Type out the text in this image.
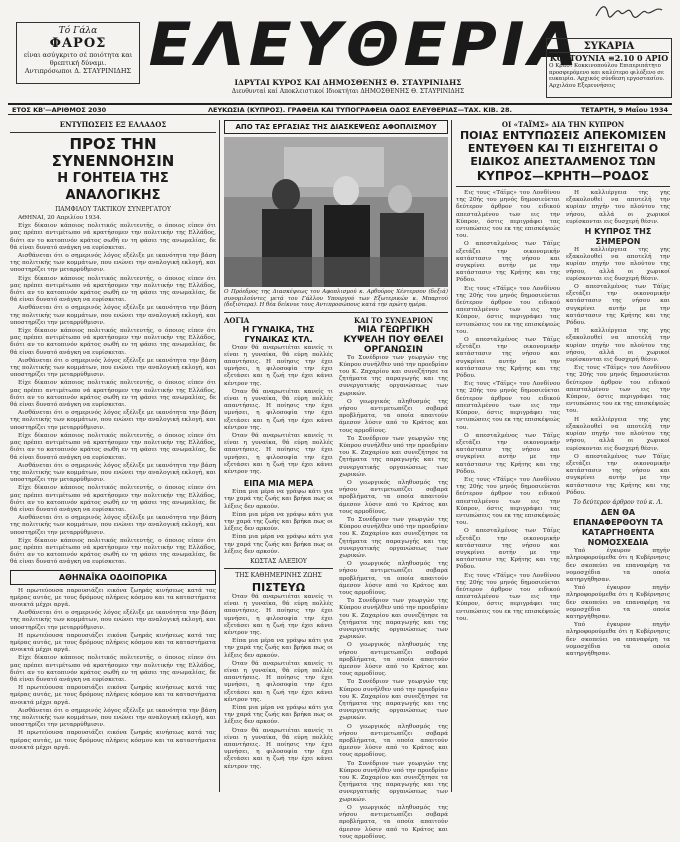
Τό Γάλα
ΦΑΡΟΣ
είναι ασύγκριτο σέ ποιότητα και θρεπτική δύναμι.
Αντιπρόσωποι Δ. ΣΤΑΥΡΙΝΙΔΗΣ ΕΛΕΥΘΕΡΙΑ
ΙΔΡΥΤΑΙ ΚΥΡΟΣ ΚΑΙ ΔΗΜΟΣΘΕΝΗΣ Θ. ΣΤΑΥΡΙΝΙΔΗΣ
Διευθυνταί καί Αποκλειστικοί Ιδιοκτήται ΔΗΜΟΣΘΕΝΗΣ Θ. ΣΤΑΥΡΙΝΙΔΗΣ
ΣΥΚΑΡΙΑ
ΚΟΣΤΟΥΝΙΑ ≡2.10 0 ΑΡΙΟ
Ο Κρασί Κοκκινοπούλου Επιπεριπάτητο προσφερόμενο και καλύτερο φιλόξενο σε ευκαιρία. Αρχικός σύνδεση εργοστασίου. Αρχιλάου Εξερευνήσεις
ΕΤΟΣ ΚΒ'—ΑΡΙΘΜΟΣ 2030	ΛΕΥΚΩΣΙΑ (ΚΥΠΡΟΣ). ΓΡΑΦΕΙΑ ΚΑΙ ΤΥΠΟΓΡΑΦΕΙΑ ΟΔΟΣ ΕΛΕΥΘΕΡΙΑΣ—ΤΑΧ. ΚΙΒ. 28.	ΤΕΤΑΡΤΗ, 9 Μαΐου 1934
ΕΝΤΥΠΩΣΕΙΣ ΕΞ ΕΛΛΑΔΟΣ
ΠΡΟΣ ΤΗΝ ΣΥΝΕΝΝΟΗΣΙΝ
Η ΓΟΗΤΕΙΑ ΤΗΣ ΑΝΑΛΟΓΙΚΗΣ
ΠΑΜΦΙΛΟΥ ΤΑΚΤΙΚΟΥ ΣΥΝΕΡΓΑΤΟΥ

ΑΘΗΝΑΙ, 20 Απριλίου 1934.

Είχε δίκαιον κάποιος πολιτικός πολιτευτής, ο όποιος είπεν ότι μας πρέπει αντιμέτωπο νά κρατήσομεν την πολιτικήν της Ελλάδος, διότι αν το κατοπινόν κράτος σωθή εν τη φάσει της ανωμαλίας, δε θά είναι δυνατό ανάγκη να ευρίσκεται.

Αισθάνεται ότι ο σημερινός λόγος εξέλιξε με ικανότητα την βάση της πολιτικής των κομμάτων, που ενώνει την αναλογική εκλογή, και υποστηρίζει την μεταρρύθμισιν.

Είχε δίκαιον κάποιος πολιτικός πολιτευτής, ο όποιος είπεν ότι μας πρέπει αντιμέτωπο νά κρατήσομεν την πολιτικήν της Ελλάδος, διότι αν το κατοπινόν κράτος σωθή εν τη φάσει της ανωμαλίας, δε θά είναι δυνατό ανάγκη να ευρίσκεται.

Αισθάνεται ότι ο σημερινός λόγος εξέλιξε με ικανότητα την βάση της πολιτικής των κομμάτων, που ενώνει την αναλογική εκλογή, και υποστηρίζει την μεταρρύθμισιν.

Είχε δίκαιον κάποιος πολιτικός πολιτευτής, ο όποιος είπεν ότι μας πρέπει αντιμέτωπο νά κρατήσομεν την πολιτικήν της Ελλάδος, διότι αν το κατοπινόν κράτος σωθή εν τη φάσει της ανωμαλίας, δε θά είναι δυνατό ανάγκη να ευρίσκεται.

Αισθάνεται ότι ο σημερινός λόγος εξέλιξε με ικανότητα την βάση της πολιτικής των κομμάτων, που ενώνει την αναλογική εκλογή, και υποστηρίζει την μεταρρύθμισιν.

Είχε δίκαιον κάποιος πολιτικός πολιτευτής, ο όποιος είπεν ότι μας πρέπει αντιμέτωπο νά κρατήσομεν την πολιτικήν της Ελλάδος, διότι αν το κατοπινόν κράτος σωθή εν τη φάσει της ανωμαλίας, δε θά είναι δυνατό ανάγκη να ευρίσκεται.

Αισθάνεται ότι ο σημερινός λόγος εξέλιξε με ικανότητα την βάση της πολιτικής των κομμάτων, που ενώνει την αναλογική εκλογή, και υποστηρίζει την μεταρρύθμισιν.

Είχε δίκαιον κάποιος πολιτικός πολιτευτής, ο όποιος είπεν ότι μας πρέπει αντιμέτωπο νά κρατήσομεν την πολιτικήν της Ελλάδος, διότι αν το κατοπινόν κράτος σωθή εν τη φάσει της ανωμαλίας, δε θά είναι δυνατό ανάγκη να ευρίσκεται.

Αισθάνεται ότι ο σημερινός λόγος εξέλιξε με ικανότητα την βάση της πολιτικής των κομμάτων, που ενώνει την αναλογική εκλογή, και υποστηρίζει την μεταρρύθμισιν.

Είχε δίκαιον κάποιος πολιτικός πολιτευτής, ο όποιος είπεν ότι μας πρέπει αντιμέτωπο νά κρατήσομεν την πολιτικήν της Ελλάδος, διότι αν το κατοπινόν κράτος σωθή εν τη φάσει της ανωμαλίας, δε θά είναι δυνατό ανάγκη να ευρίσκεται.

Αισθάνεται ότι ο σημερινός λόγος εξέλιξε με ικανότητα την βάση της πολιτικής των κομμάτων, που ενώνει την αναλογική εκλογή, και υποστηρίζει την μεταρρύθμισιν.

Είχε δίκαιον κάποιος πολιτικός πολιτευτής, ο όποιος είπεν ότι μας πρέπει αντιμέτωπο νά κρατήσομεν την πολιτικήν της Ελλάδος, διότι αν το κατοπινόν κράτος σωθή εν τη φάσει της ανωμαλίας, δε θά είναι δυνατό ανάγκη να ευρίσκεται.

ΑΘΗΝΑΪΚΑ ΟΔΟΙΠΟΡΙΚΑ

Η πρωτεύουσα παρουσιάζει εικόνα ζωηράς κινήσεως κατά τας ημέρας αυτάς, με τους δρόμους πλήρεις κόσμου και τα καταστήματα ανοικτά μέχρι αργά.

Αισθάνεται ότι ο σημερινός λόγος εξέλιξε με ικανότητα την βάση της πολιτικής των κομμάτων, που ενώνει την αναλογική εκλογή, και υποστηρίζει την μεταρρύθμισιν.

Η πρωτεύουσα παρουσιάζει εικόνα ζωηράς κινήσεως κατά τας ημέρας αυτάς, με τους δρόμους πλήρεις κόσμου και τα καταστήματα ανοικτά μέχρι αργά.

Είχε δίκαιον κάποιος πολιτικός πολιτευτής, ο όποιος είπεν ότι μας πρέπει αντιμέτωπο νά κρατήσομεν την πολιτικήν της Ελλάδος, διότι αν το κατοπινόν κράτος σωθή εν τη φάσει της ανωμαλίας, δε θά είναι δυνατό ανάγκη να ευρίσκεται.

Η πρωτεύουσα παρουσιάζει εικόνα ζωηράς κινήσεως κατά τας ημέρας αυτάς, με τους δρόμους πλήρεις κόσμου και τα καταστήματα ανοικτά μέχρι αργά.

Αισθάνεται ότι ο σημερινός λόγος εξέλιξε με ικανότητα την βάση της πολιτικής των κομμάτων, που ενώνει την αναλογική εκλογή, και υποστηρίζει την μεταρρύθμισιν.

Η πρωτεύουσα παρουσιάζει εικόνα ζωηράς κινήσεως κατά τας ημέρας αυτάς, με τους δρόμους πλήρεις κόσμου και τα καταστήματα ανοικτά μέχρι αργά.

ΑΠΟ ΤΑΣ ΕΡΓΑΣΙΑΣ ΤΗΣ ΔΙΑΣΚΕΨΕΩΣ ΑΦΟΠΛΙΣΜΟΥ
Ο Πρόεδρος της Διασκέψεως του Αφοπλισμού κ. Αρθούρος Χέντερσον (δεξιά) συνομιλούντες μετά του Γάλλου Υπουργού των Εξωτερικών κ. Μπαρτού (δεξιότερα). Η θέα δείκνυε τους Αντιπροσώπους κατά την πρώτη ημέρα.
ΛΟΓΙΑ
Η ΓΥΝΑΙΚΑ, ΤΗΣ ΓΥΝΑΙΚΑΣ ΚΤΛ.

Όταν θά αναρωτιέται κανείς τι είναι η γυναίκα, θά εύρη πολλές απαντήσεις. Η ποίησις την έχει υμνήσει, η φιλοσοφία την έχει εξετάσει και η ζωή την έχει κάνει κέντρον της.

Όταν θά αναρωτιέται κανείς τι είναι η γυναίκα, θά εύρη πολλές απαντήσεις. Η ποίησις την έχει υμνήσει, η φιλοσοφία την έχει εξετάσει και η ζωή την έχει κάνει κέντρον της.

Όταν θά αναρωτιέται κανείς τι είναι η γυναίκα, θά εύρη πολλές απαντήσεις. Η ποίησις την έχει υμνήσει, η φιλοσοφία την έχει εξετάσει και η ζωή την έχει κάνει κέντρον της.

ΕΙΠΑ ΜΙΑ ΜΕΡΑ

Είπα μια μέρα να γράψω κάτι για την χαρά της ζωής και βρήκα πως οι λέξεις δεν αρκούν.

Είπα μια μέρα να γράψω κάτι για την χαρά της ζωής και βρήκα πως οι λέξεις δεν αρκούν.

Είπα μια μέρα να γράψω κάτι για την χαρά της ζωής και βρήκα πως οι λέξεις δεν αρκούν.

ΚΩΣΤΑΣ ΑΛΕΞΙΟΥ
ΤΗΣ ΚΑΘΗΜΕΡΙΝΗΣ ΖΩΗΣ
ΠΙΣΤΕΥΩ

Όταν θά αναρωτιέται κανείς τι είναι η γυναίκα, θά εύρη πολλές απαντήσεις. Η ποίησις την έχει υμνήσει, η φιλοσοφία την έχει εξετάσει και η ζωή την έχει κάνει κέντρον της.

Είπα μια μέρα να γράψω κάτι για την χαρά της ζωής και βρήκα πως οι λέξεις δεν αρκούν.

Όταν θά αναρωτιέται κανείς τι είναι η γυναίκα, θά εύρη πολλές απαντήσεις. Η ποίησις την έχει υμνήσει, η φιλοσοφία την έχει εξετάσει και η ζωή την έχει κάνει κέντρον της.

Είπα μια μέρα να γράψω κάτι για την χαρά της ζωής και βρήκα πως οι λέξεις δεν αρκούν.

Όταν θά αναρωτιέται κανείς τι είναι η γυναίκα, θά εύρη πολλές απαντήσεις. Η ποίησις την έχει υμνήσει, η φιλοσοφία την έχει εξετάσει και η ζωή την έχει κάνει κέντρον της.

ΚΑΙ ΤΟ ΣΥΝΕΔΡΙΟΝ
ΜΙΑ ΓΕΩΡΓΙΚΗ ΚΥΨΕΛΗ ΠΟΥ ΘΕΛΕΙ ΟΡΓΑΝΩΣΙΝ

Το Συνέδριον των γεωργών της Κύπρου συνήλθεν υπό την προεδρίαν του Κ. Ζαχαρίου και συνεζήτησε τα ζητήματα της παραγωγής και της συνεργατικής οργανώσεως των χωρικών.

Ο γεωργικός πληθυσμός της νήσου αντιμετωπίζει σοβαρά προβλήματα, τα οποία απαιτούν άμεσον λύσιν από το Κράτος και τους αρμοδίους.

Το Συνέδριον των γεωργών της Κύπρου συνήλθεν υπό την προεδρίαν του Κ. Ζαχαρίου και συνεζήτησε τα ζητήματα της παραγωγής και της συνεργατικής οργανώσεως των χωρικών.

Ο γεωργικός πληθυσμός της νήσου αντιμετωπίζει σοβαρά προβλήματα, τα οποία απαιτούν άμεσον λύσιν από το Κράτος και τους αρμοδίους.

Το Συνέδριον των γεωργών της Κύπρου συνήλθεν υπό την προεδρίαν του Κ. Ζαχαρίου και συνεζήτησε τα ζητήματα της παραγωγής και της συνεργατικής οργανώσεως των χωρικών.

Ο γεωργικός πληθυσμός της νήσου αντιμετωπίζει σοβαρά προβλήματα, τα οποία απαιτούν άμεσον λύσιν από το Κράτος και τους αρμοδίους.

Το Συνέδριον των γεωργών της Κύπρου συνήλθεν υπό την προεδρίαν του Κ. Ζαχαρίου και συνεζήτησε τα ζητήματα της παραγωγής και της συνεργατικής οργανώσεως των χωρικών.

Ο γεωργικός πληθυσμός της νήσου αντιμετωπίζει σοβαρά προβλήματα, τα οποία απαιτούν άμεσον λύσιν από το Κράτος και τους αρμοδίους.

Το Συνέδριον των γεωργών της Κύπρου συνήλθεν υπό την προεδρίαν του Κ. Ζαχαρίου και συνεζήτησε τα ζητήματα της παραγωγής και της συνεργατικής οργανώσεως των χωρικών.

Ο γεωργικός πληθυσμός της νήσου αντιμετωπίζει σοβαρά προβλήματα, τα οποία απαιτούν άμεσον λύσιν από το Κράτος και τους αρμοδίους.

Το Συνέδριον των γεωργών της Κύπρου συνήλθεν υπό την προεδρίαν του Κ. Ζαχαρίου και συνεζήτησε τα ζητήματα της παραγωγής και της συνεργατικής οργανώσεως των χωρικών.

Ο γεωργικός πληθυσμός της νήσου αντιμετωπίζει σοβαρά προβλήματα, τα οποία απαιτούν άμεσον λύσιν από το Κράτος και τους αρμοδίους.

ΟΙ «ΤΑΪΜΣ» ΔΙΑ ΤΗΝ ΚΥΠΡΟΝ
ΠΟΙΑΣ ΕΝΤΥΠΩΣΕΙΣ ΑΠΕΚΟΜΙΣΕΝ ΕΝΤΕΥΘΕΝ ΚΑΙ ΤΙ ΕΙΣΗΓΕΙΤΑΙ Ο ΕΙΔΙΚΟΣ ΑΠΕΣΤΑΛΜΕΝΟΣ ΤΩΝ
ΚΥΠΡΟΣ—ΚΡΗΤΗ—ΡΟΔΟΣ

Εις τους «Τάϊμς» του Λονδίνου της 20ής του μηνός δημοσιεύεται δεύτερον άρθρον του ειδικού απεσταλμένου των εις την Κύπρον, όστις περιγράφει τας εντυπώσεις του εκ της επισκέψεώς του.

Ο απεσταλμένος των Τάϊμς εξετάζει την οικονομικήν κατάστασιν της νήσου και συγκρίνει αυτήν με την κατάστασιν της Κρήτης και της Ρόδου.

Εις τους «Τάϊμς» του Λονδίνου της 20ής του μηνός δημοσιεύεται δεύτερον άρθρον του ειδικού απεσταλμένου των εις την Κύπρον, όστις περιγράφει τας εντυπώσεις του εκ της επισκέψεώς του.

Ο απεσταλμένος των Τάϊμς εξετάζει την οικονομικήν κατάστασιν της νήσου και συγκρίνει αυτήν με την κατάστασιν της Κρήτης και της Ρόδου.

Εις τους «Τάϊμς» του Λονδίνου της 20ής του μηνός δημοσιεύεται δεύτερον άρθρον του ειδικού απεσταλμένου των εις την Κύπρον, όστις περιγράφει τας εντυπώσεις του εκ της επισκέψεώς του.

Ο απεσταλμένος των Τάϊμς εξετάζει την οικονομικήν κατάστασιν της νήσου και συγκρίνει αυτήν με την κατάστασιν της Κρήτης και της Ρόδου.

Εις τους «Τάϊμς» του Λονδίνου της 20ής του μηνός δημοσιεύεται δεύτερον άρθρον του ειδικού απεσταλμένου των εις την Κύπρον, όστις περιγράφει τας εντυπώσεις του εκ της επισκέψεώς του.

Ο απεσταλμένος των Τάϊμς εξετάζει την οικονομικήν κατάστασιν της νήσου και συγκρίνει αυτήν με την κατάστασιν της Κρήτης και της Ρόδου.

Εις τους «Τάϊμς» του Λονδίνου της 20ής του μηνός δημοσιεύεται δεύτερον άρθρον του ειδικού απεσταλμένου των εις την Κύπρον, όστις περιγράφει τας εντυπώσεις του εκ της επισκέψεώς του.

Η καλλιέργεια της γης εξακολουθεί να αποτελή την κυρίαν πηγήν του πλούτου της νήσου, αλλά οι χωρικοί ευρίσκονται εις δυσχερή θέσιν.

Η ΚΥΠΡΟΣ ΤΗΣ ΣΗΜΕΡΟΝ

Η καλλιέργεια της γης εξακολουθεί να αποτελή την κυρίαν πηγήν του πλούτου της νήσου, αλλά οι χωρικοί ευρίσκονται εις δυσχερή θέσιν.

Ο απεσταλμένος των Τάϊμς εξετάζει την οικονομικήν κατάστασιν της νήσου και συγκρίνει αυτήν με την κατάστασιν της Κρήτης και της Ρόδου.

Η καλλιέργεια της γης εξακολουθεί να αποτελή την κυρίαν πηγήν του πλούτου της νήσου, αλλά οι χωρικοί ευρίσκονται εις δυσχερή θέσιν.

Εις τους «Τάϊμς» του Λονδίνου της 20ής του μηνός δημοσιεύεται δεύτερον άρθρον του ειδικού απεσταλμένου των εις την Κύπρον, όστις περιγράφει τας εντυπώσεις του εκ της επισκέψεώς του.

Η καλλιέργεια της γης εξακολουθεί να αποτελή την κυρίαν πηγήν του πλούτου της νήσου, αλλά οι χωρικοί ευρίσκονται εις δυσχερή θέσιν.

Ο απεσταλμένος των Τάϊμς εξετάζει την οικονομικήν κατάστασιν της νήσου και συγκρίνει αυτήν με την κατάστασιν της Κρήτης και της Ρόδου.

Το δεύτερον άρθρον τού κ. Λ.
ΔΕΝ ΘΑ ΕΠΑΝΑΦΕΡΘΟΥΝ ΤΑ ΚΑΤΑΡΓΗΘΕΝΤΑ ΝΟΜΟΣΧΕΔΙΑ

Υπό έγκυρον πηγήν πληροφορούμεθα ότι η Κυβέρνησις δεν σκοπεύει να επαναφέρη τα νομοσχέδια τα οποία κατηργήθησαν.

Υπό έγκυρον πηγήν πληροφορούμεθα ότι η Κυβέρνησις δεν σκοπεύει να επαναφέρη τα νομοσχέδια τα οποία κατηργήθησαν.

Υπό έγκυρον πηγήν πληροφορούμεθα ότι η Κυβέρνησις δεν σκοπεύει να επαναφέρη τα νομοσχέδια τα οποία κατηργήθησαν.
